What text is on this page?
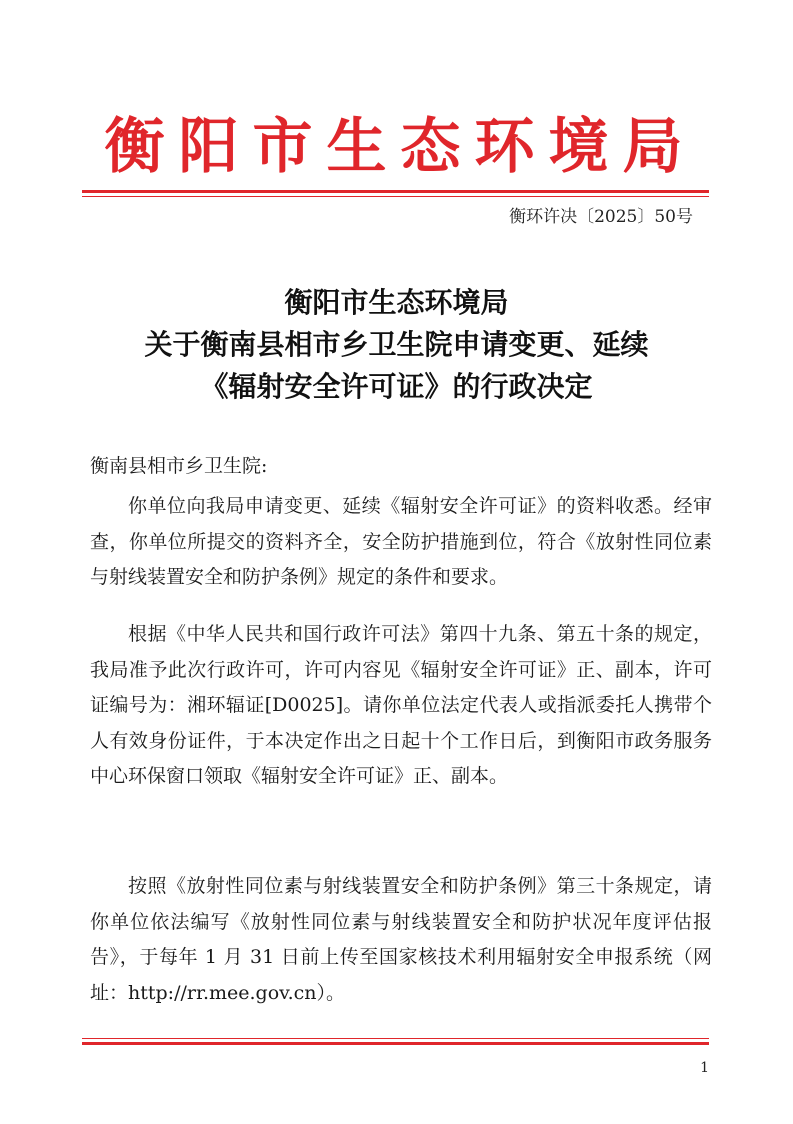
衡阳市生态环境局
衡环许决〔2025〕50号
衡阳市生态环境局
关于衡南县相市乡卫生院申请变更、延续
《辐射安全许可证》的行政决定
衡南县相市乡卫生院:
你单位向我局申请变更、延续《辐射安全许可证》的资料收悉。经审查，你单位所提交的资料齐全，安全防护措施到位，符合《放射性同位素与射线装置安全和防护条例》规定的条件和要求。
根据《中华人民共和国行政许可法》第四十九条、第五十条的规定，我局准予此次行政许可，许可内容见《辐射安全许可证》正、副本，许可证编号为：湘环辐证[D0025]。请你单位法定代表人或指派委托人携带个人有效身份证件，于本决定作出之日起十个工作日后，到衡阳市政务服务中心环保窗口领取《辐射安全许可证》正、副本。
按照《放射性同位素与射线装置安全和防护条例》第三十条规定，请你单位依法编写《放射性同位素与射线装置安全和防护状况年度评估报告》，于每年 1 月 31 日前上传至国家核技术利用辐射安全申报系统（网址：http://rr.mee.gov.cn）。
1
